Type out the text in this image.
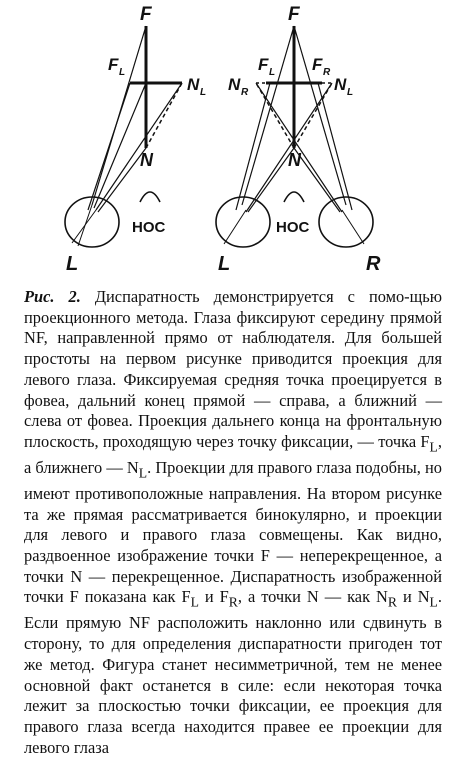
F
F L
N L
N
НОС
L
F
F L F R
N R	N L
N
НОС
L	R

Рис. 2. Диспаратность демонстрируется с помо-щью проекционного метода. Глаза фиксируют середину прямой NF, направленной прямо от наблюдателя. Для большей простоты на первом рисунке приводится проекция для левого глаза. Фиксируемая средняя точка проецируется в фовеа, дальний конец прямой — справа, а ближний — слева от фовеа. Проекция дальнего конца на фронтальную плоскость, проходящую через точку фиксации, — точка $F_L$, а ближнего — $N_L$. Проекции для правого глаза подобны, но имеют противоположные направления. На втором рисунке та же прямая рассматривается бинокулярно, и проекции для левого и правого глаза совмещены. Как видно, раздвоенное изображение точки F — неперекрещенное, а точки N — перекрещенное. Диспаратность изображенной точки F показана как $F_L$ и $F_R$, а точки N — как $N_R$ и $N_L$. Если прямую NF расположить наклонно или сдвинуть в сторону, то для определения диспаратности пригоден тот же метод. Фигура станет несимметричной, тем не менее основной факт останется в силе: если некоторая точка лежит за плоскостью точки фиксации, ее проекция для правого глаза всегда находится правее ее проекции для левого глаза
